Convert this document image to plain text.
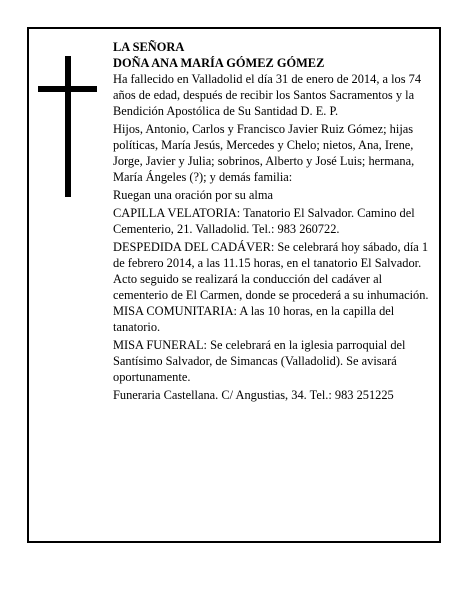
LA SEÑORA
DOÑA ANA MARÍA GÓMEZ GÓMEZ

Ha fallecido en Valladolid el día 31 de enero de 2014, a los 74 años de edad, después de recibir los Santos Sacramentos y la Bendición Apostólica de Su Santidad D. E. P.

Hijos, Antonio, Carlos y Francisco Javier Ruiz Gómez; hijas políticas, María Jesús, Mercedes y Chelo; nietos, Ana, Irene, Jorge, Javier y Julia; sobrinos, Alberto y José Luis; hermana, María Ángeles (?); y demás familia:

Ruegan una oración por su alma

CAPILLA VELATORIA: Tanatorio El Salvador. Camino del Cementerio, 21. Valladolid. Tel.: 983 260722.

DESPEDIDA DEL CADÁVER: Se celebrará hoy sábado, día 1 de febrero 2014, a las 11.15 horas, en el tanatorio El Salvador. Acto seguido se realizará la conducción del cadáver al cementerio de El Carmen, donde se procederá a su inhumación. MISA COMUNITARIA: A las 10 horas, en la capilla del tanatorio.

MISA FUNERAL: Se celebrará en la iglesia parroquial del Santísimo Salvador, de Simancas (Valladolid). Se avisará oportunamente.

Funeraria Castellana. C/ Angustias, 34. Tel.: 983 251225
